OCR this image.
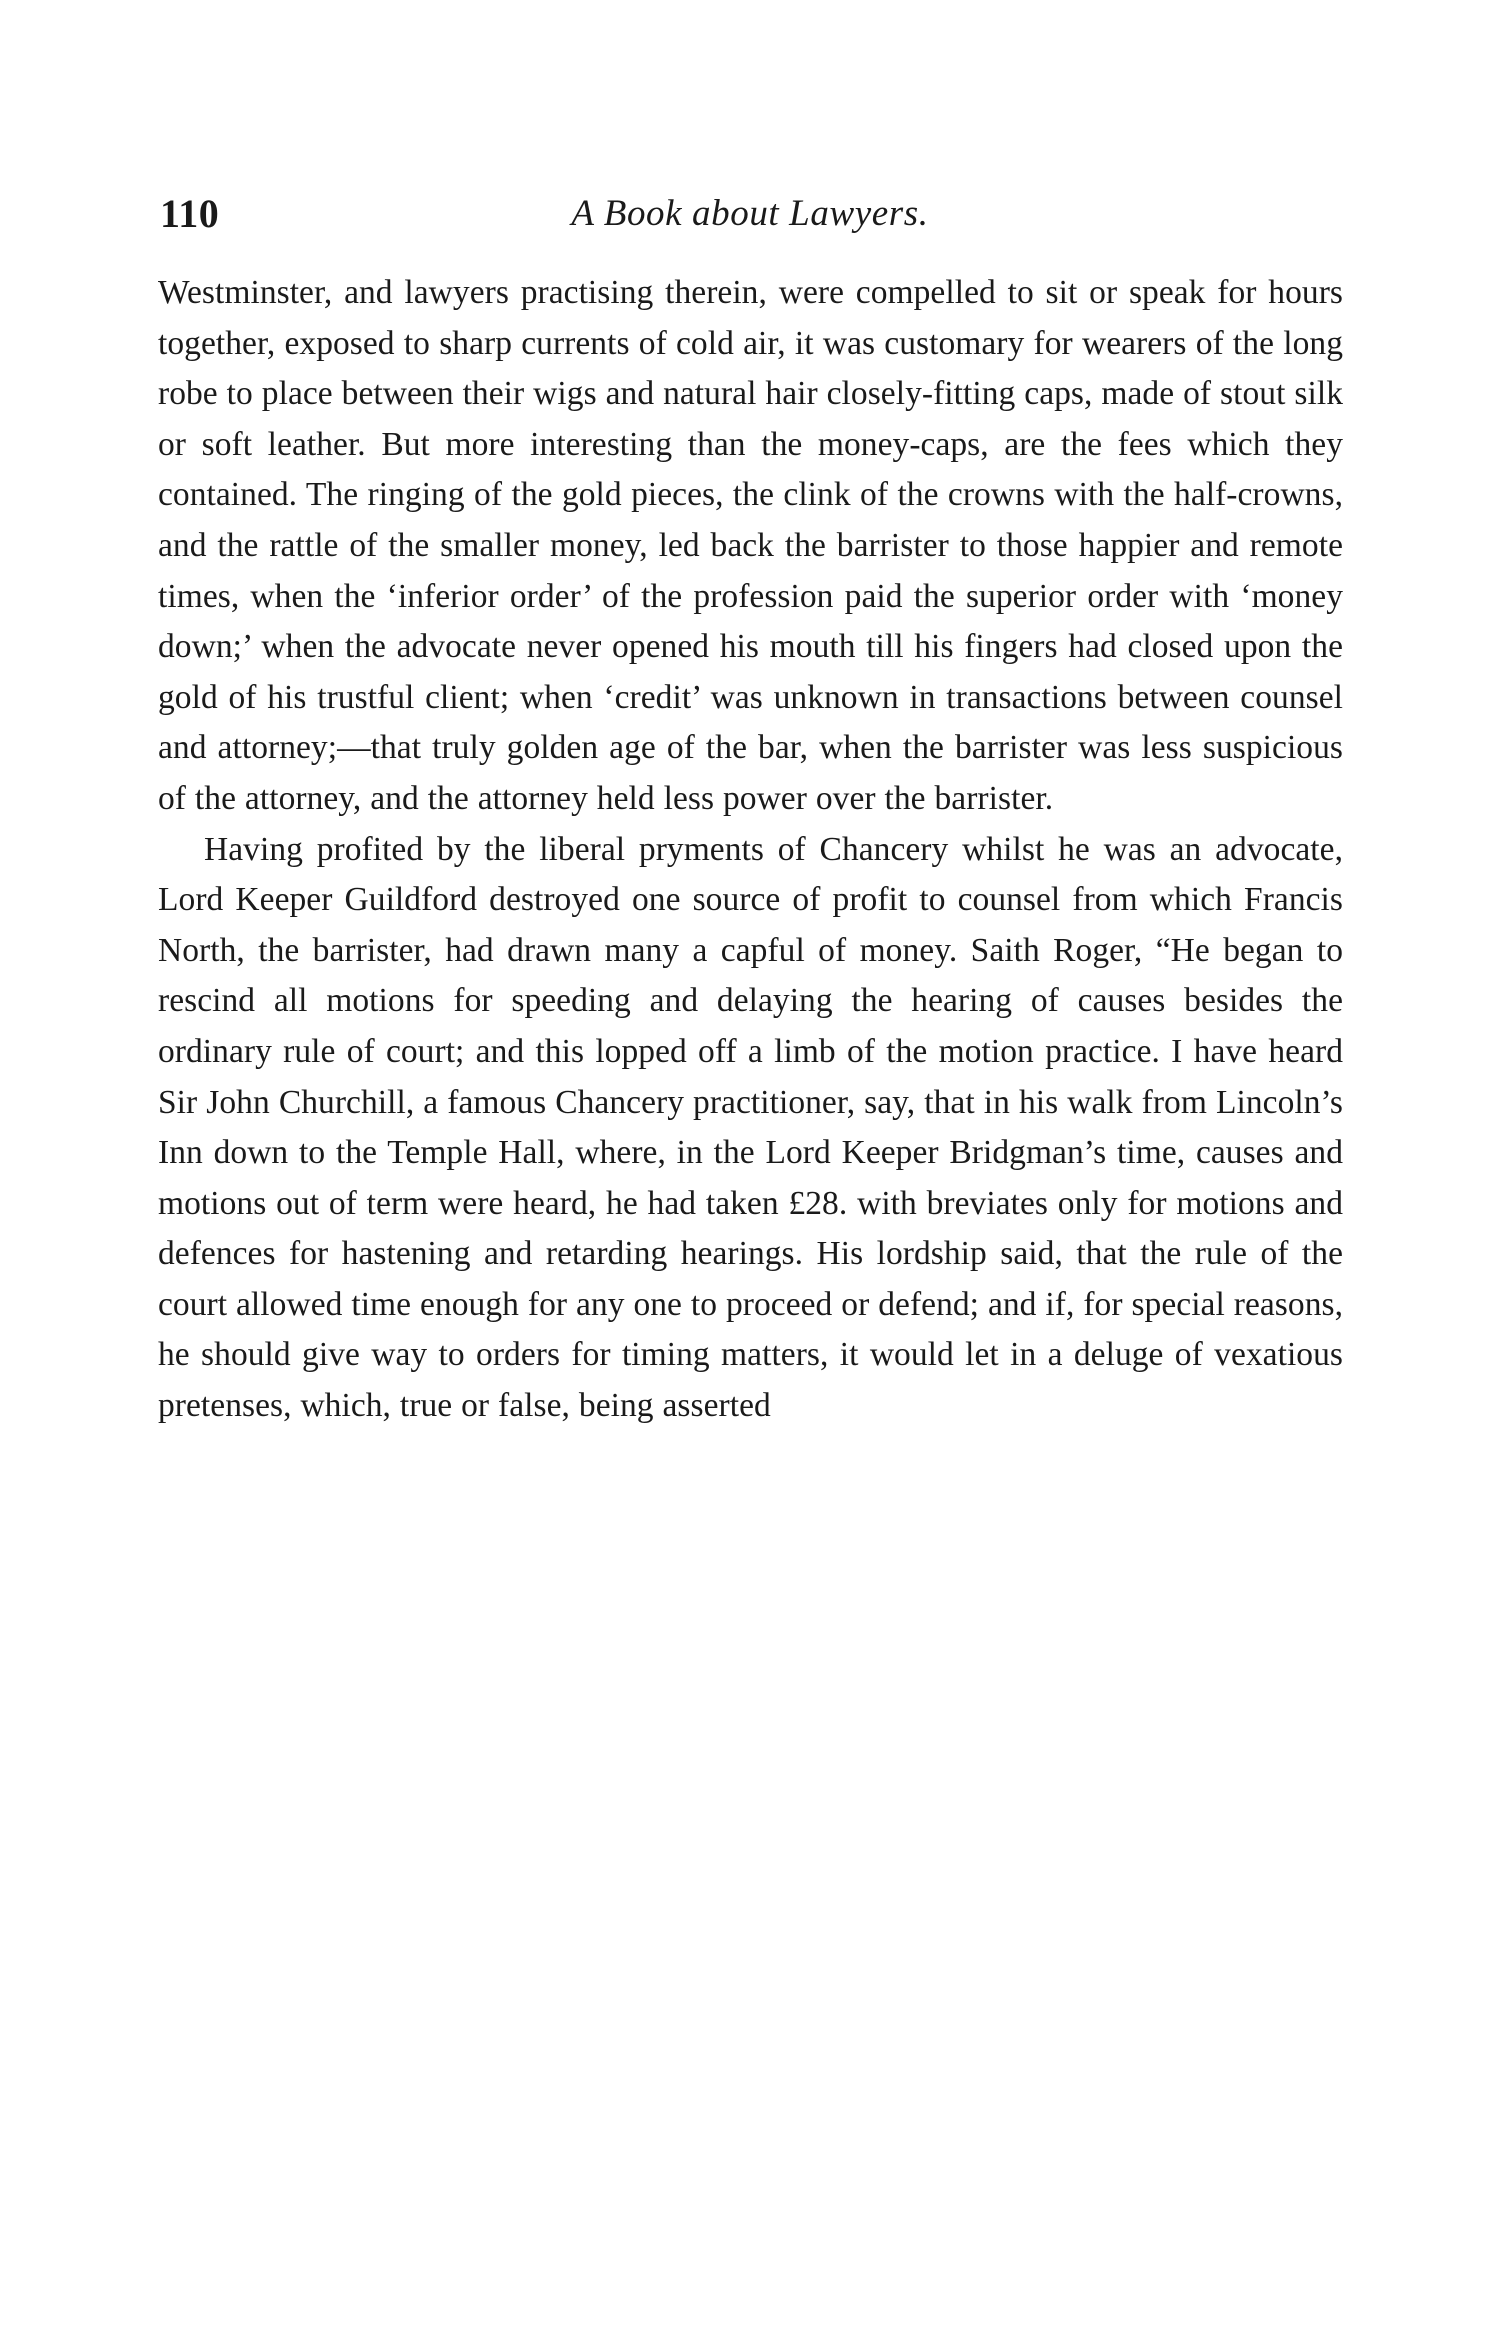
110	A Book about Lawyers.

Westminster, and lawyers practising therein, were compelled to sit or speak for hours together, exposed to sharp currents of cold air, it was customary for wearers of the long robe to place between their wigs and natural hair closely-fitting caps, made of stout silk or soft leather. But more interesting than the money-caps, are the fees which they contained. The ringing of the gold pieces, the clink of the crowns with the half-crowns, and the rattle of the smaller money, led back the barrister to those happier and remote times, when the ‘inferior order’ of the profession paid the superior order with ‘money down;’ when the advocate never opened his mouth till his fingers had closed upon the gold of his trustful client; when ‘credit’ was unknown in transactions between counsel and attorney;—that truly golden age of the bar, when the barrister was less suspicious of the attorney, and the attorney held less power over the barrister.

Having profited by the liberal pryments of Chancery whilst he was an advocate, Lord Keeper Guildford destroyed one source of profit to counsel from which Francis North, the barrister, had drawn many a capful of money. Saith Roger, “He began to rescind all motions for speeding and delaying the hearing of causes besides the ordinary rule of court; and this lopped off a limb of the motion practice. I have heard Sir John Churchill, a famous Chancery practitioner, say, that in his walk from Lincoln’s Inn down to the Temple Hall, where, in the Lord Keeper Bridgman’s time, causes and motions out of term were heard, he had taken £28. with breviates only for motions and defences for hastening and retarding hearings. His lordship said, that the rule of the court allowed time enough for any one to proceed or defend; and if, for special reasons, he should give way to orders for timing matters, it would let in a deluge of vexatious pretenses, which, true or false, being asserted
